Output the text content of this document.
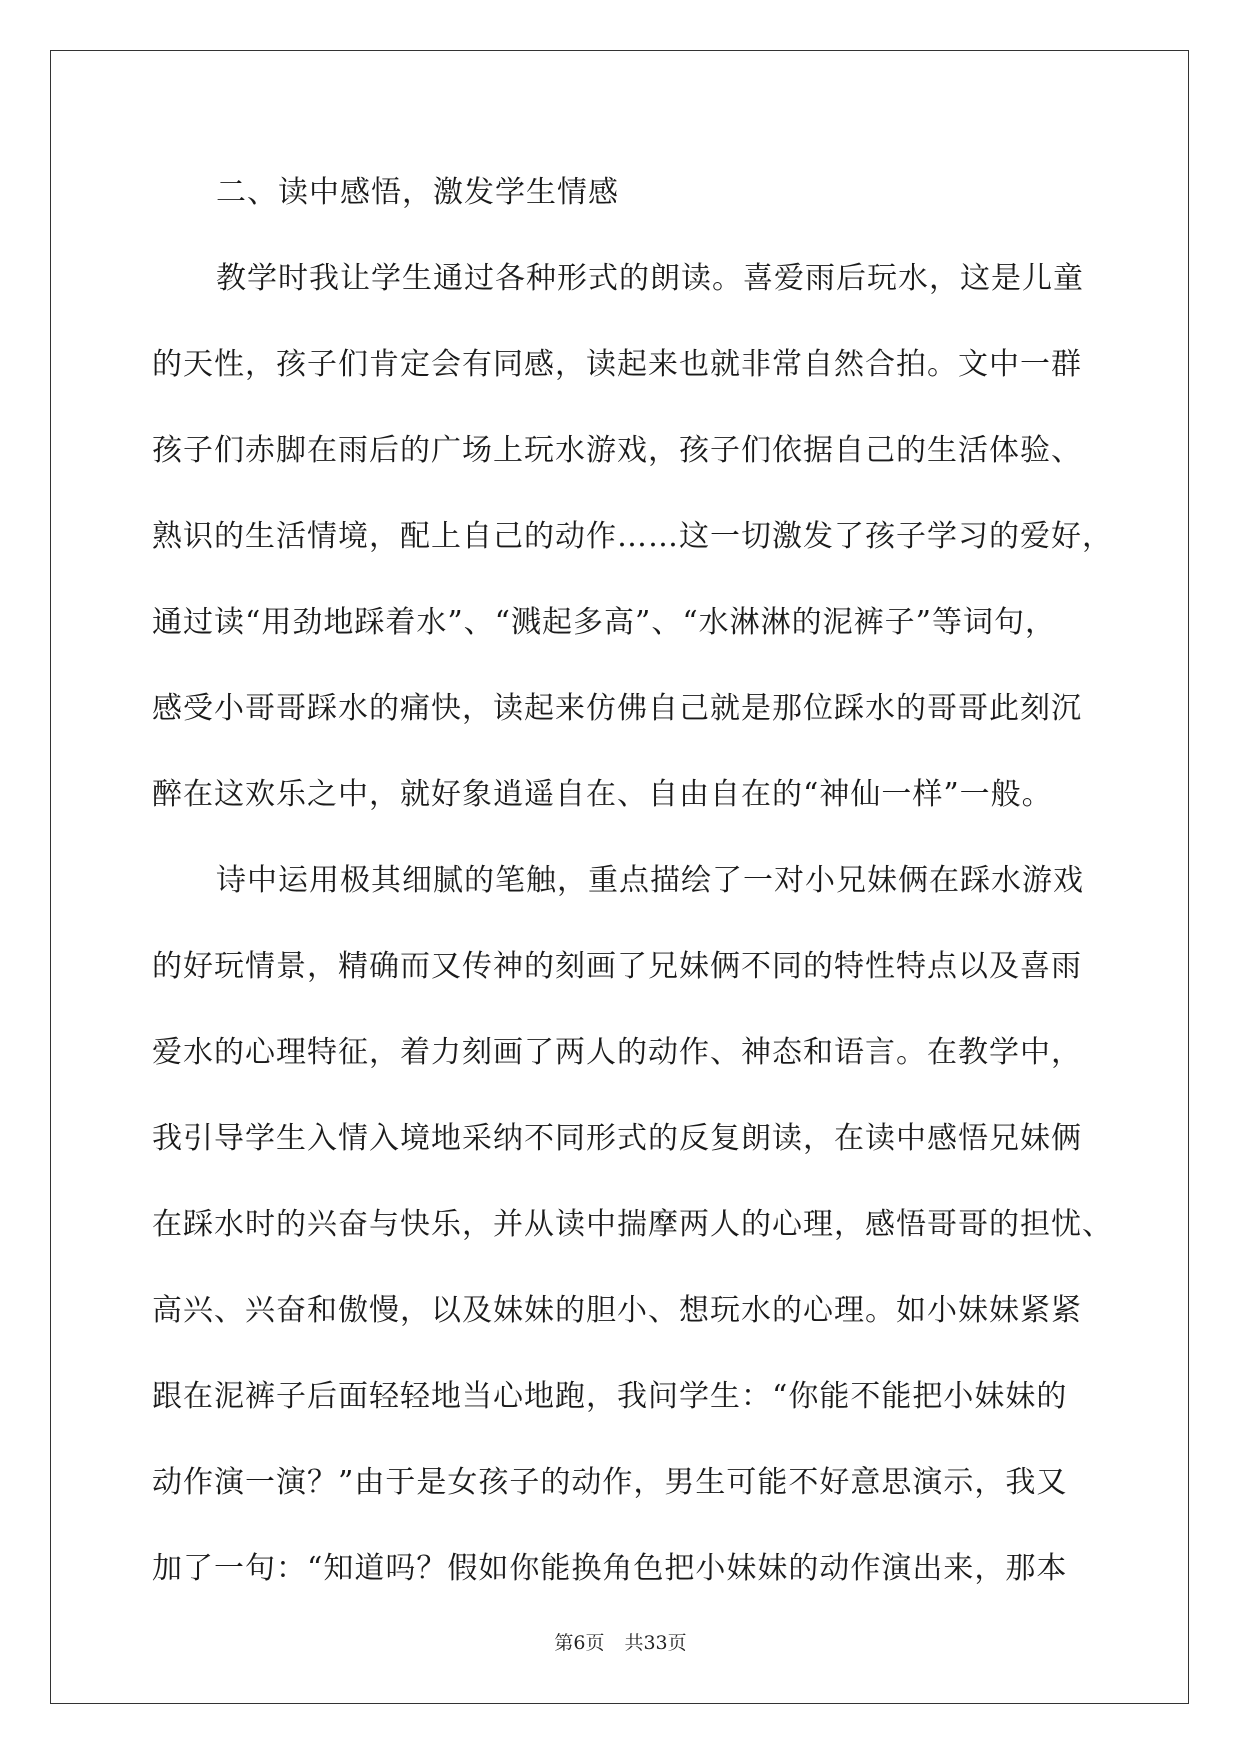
二、读中感悟，激发学生情感

教学时我让学生通过各种形式的朗读。喜爱雨后玩水，这是儿童
的天性，孩子们肯定会有同感，读起来也就非常自然合拍。文中一群
孩子们赤脚在雨后的广场上玩水游戏，孩子们依据自己的生活体验、
熟识的生活情境，配上自己的动作……这一切激发了孩子学习的爱好，
通过读“用劲地踩着水”、“溅起多高”、“水淋淋的泥裤子”等词句，
感受小哥哥踩水的痛快，读起来仿佛自己就是那位踩水的哥哥此刻沉
醉在这欢乐之中，就好象逍遥自在、自由自在的“神仙一样”一般。

诗中运用极其细腻的笔触，重点描绘了一对小兄妹俩在踩水游戏
的好玩情景，精确而又传神的刻画了兄妹俩不同的特性特点以及喜雨
爱水的心理特征，着力刻画了两人的动作、神态和语言。在教学中，
我引导学生入情入境地采纳不同形式的反复朗读，在读中感悟兄妹俩
在踩水时的兴奋与快乐，并从读中揣摩两人的心理，感悟哥哥的担忧、
高兴、兴奋和傲慢，以及妹妹的胆小、想玩水的心理。如小妹妹紧紧
跟在泥裤子后面轻轻地当心地跑，我问学生：“你能不能把小妹妹的
动作演一演？”由于是女孩子的动作，男生可能不好意思演示，我又
加了一句：“知道吗？假如你能换角色把小妹妹的动作演出来，那本

第6页 共33页
